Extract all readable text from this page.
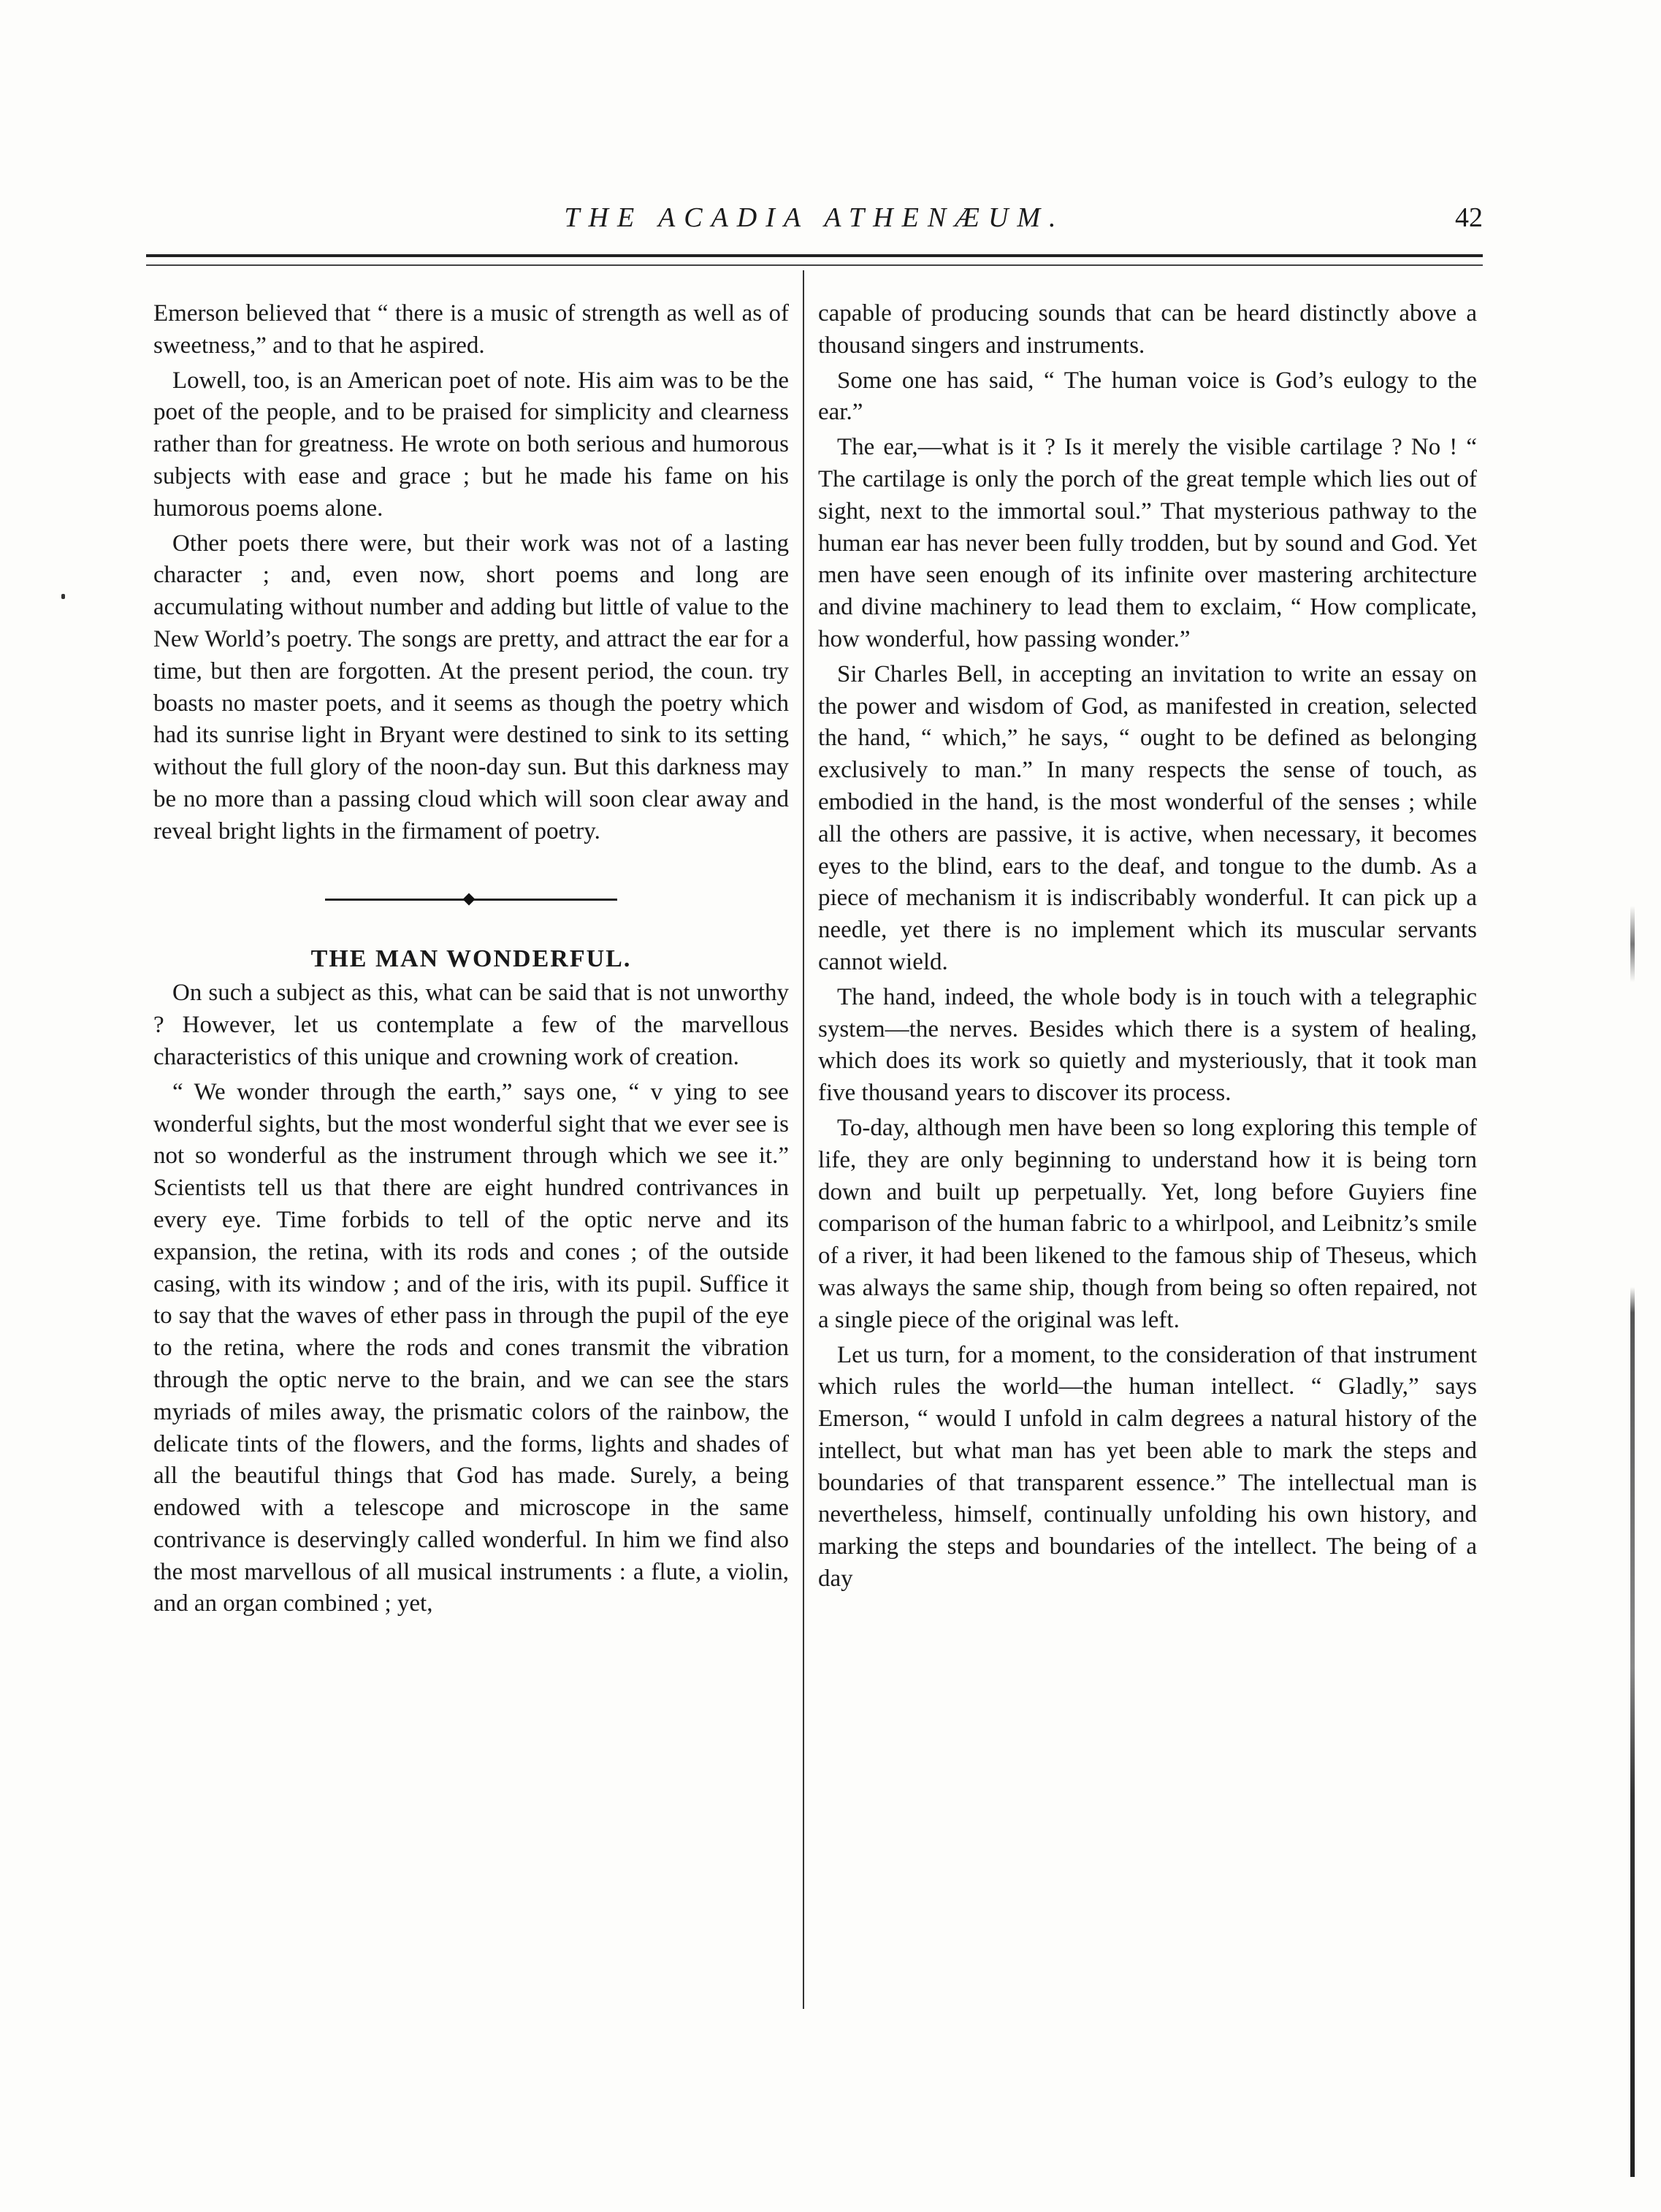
THE ACADIA ATHENÆUM.	42

Emerson believed that “ there is a music of strength as well as of sweetness,” and to that he aspired.

Lowell, too, is an American poet of note. His aim was to be the poet of the people, and to be praised for simplicity and clearness rather than for greatness. He wrote on both serious and humorous subjects with ease and grace ; but he made his fame on his humorous poems alone.

Other poets there were, but their work was not of a lasting character ; and, even now, short poems and long are accumulating without number and adding but little of value to the New World’s poetry. The songs are pretty, and attract the ear for a time, but then are forgotten. At the present period, the coun. try boasts no master poets, and it seems as though the poetry which had its sunrise light in Bryant were destined to sink to its setting without the full glory of the noon-day sun. But this darkness may be no more than a passing cloud which will soon clear away and reveal bright lights in the firmament of poetry.

THE MAN WONDERFUL.

On such a subject as this, what can be said that is not unworthy ? However, let us contemplate a few of the marvellous characteristics of this unique and crowning work of creation.

“ We wonder through the earth,” says one, “ v ying to see wonderful sights, but the most wonderful sight that we ever see is not so wonderful as the instrument through which we see it.” Scientists tell us that there are eight hundred contrivances in every eye. Time forbids to tell of the optic nerve and its expansion, the retina, with its rods and cones ; of the outside casing, with its window ; and of the iris, with its pupil. Suffice it to say that the waves of ether pass in through the pupil of the eye to the retina, where the rods and cones transmit the vibration through the optic nerve to the brain, and we can see the stars myriads of miles away, the prismatic colors of the rainbow, the delicate tints of the flowers, and the forms, lights and shades of all the beautiful things that God has made. Surely, a being endowed with a telescope and microscope in the same contrivance is deservingly called wonderful. In him we find also the most marvellous of all musical instruments : a flute, a violin, and an organ combined ; yet,

capable of producing sounds that can be heard distinctly above a thousand singers and instruments.

Some one has said, “ The human voice is God’s eulogy to the ear.”

The ear,—what is it ? Is it merely the visible cartilage ? No ! “ The cartilage is only the porch of the great temple which lies out of sight, next to the immortal soul.” That mysterious pathway to the human ear has never been fully trodden, but by sound and God. Yet men have seen enough of its infinite over mastering architecture and divine machinery to lead them to exclaim, “ How complicate, how wonderful, how passing wonder.”

Sir Charles Bell, in accepting an invitation to write an essay on the power and wisdom of God, as manifested in creation, selected the hand, “ which,” he says, “ ought to be defined as belonging exclusively to man.” In many respects the sense of touch, as embodied in the hand, is the most wonderful of the senses ; while all the others are passive, it is active, when necessary, it becomes eyes to the blind, ears to the deaf, and tongue to the dumb. As a piece of mechanism it is indiscribably wonderful. It can pick up a needle, yet there is no implement which its muscular servants cannot wield.

The hand, indeed, the whole body is in touch with a telegraphic system—the nerves. Besides which there is a system of healing, which does its work so quietly and mysteriously, that it took man five thousand years to discover its process.

To-day, although men have been so long exploring this temple of life, they are only beginning to understand how it is being torn down and built up perpetually. Yet, long before Guyiers fine comparison of the human fabric to a whirlpool, and Leibnitz’s smile of a river, it had been likened to the famous ship of Theseus, which was always the same ship, though from being so often repaired, not a single piece of the original was left.

Let us turn, for a moment, to the consideration of that instrument which rules the world—the human intellect. “ Gladly,” says Emerson, “ would I unfold in calm degrees a natural history of the intellect, but what man has yet been able to mark the steps and boundaries of that transparent essence.” The intellectual man is nevertheless, himself, continually unfolding his own history, and marking the steps and boundaries of the intellect. The being of a day
